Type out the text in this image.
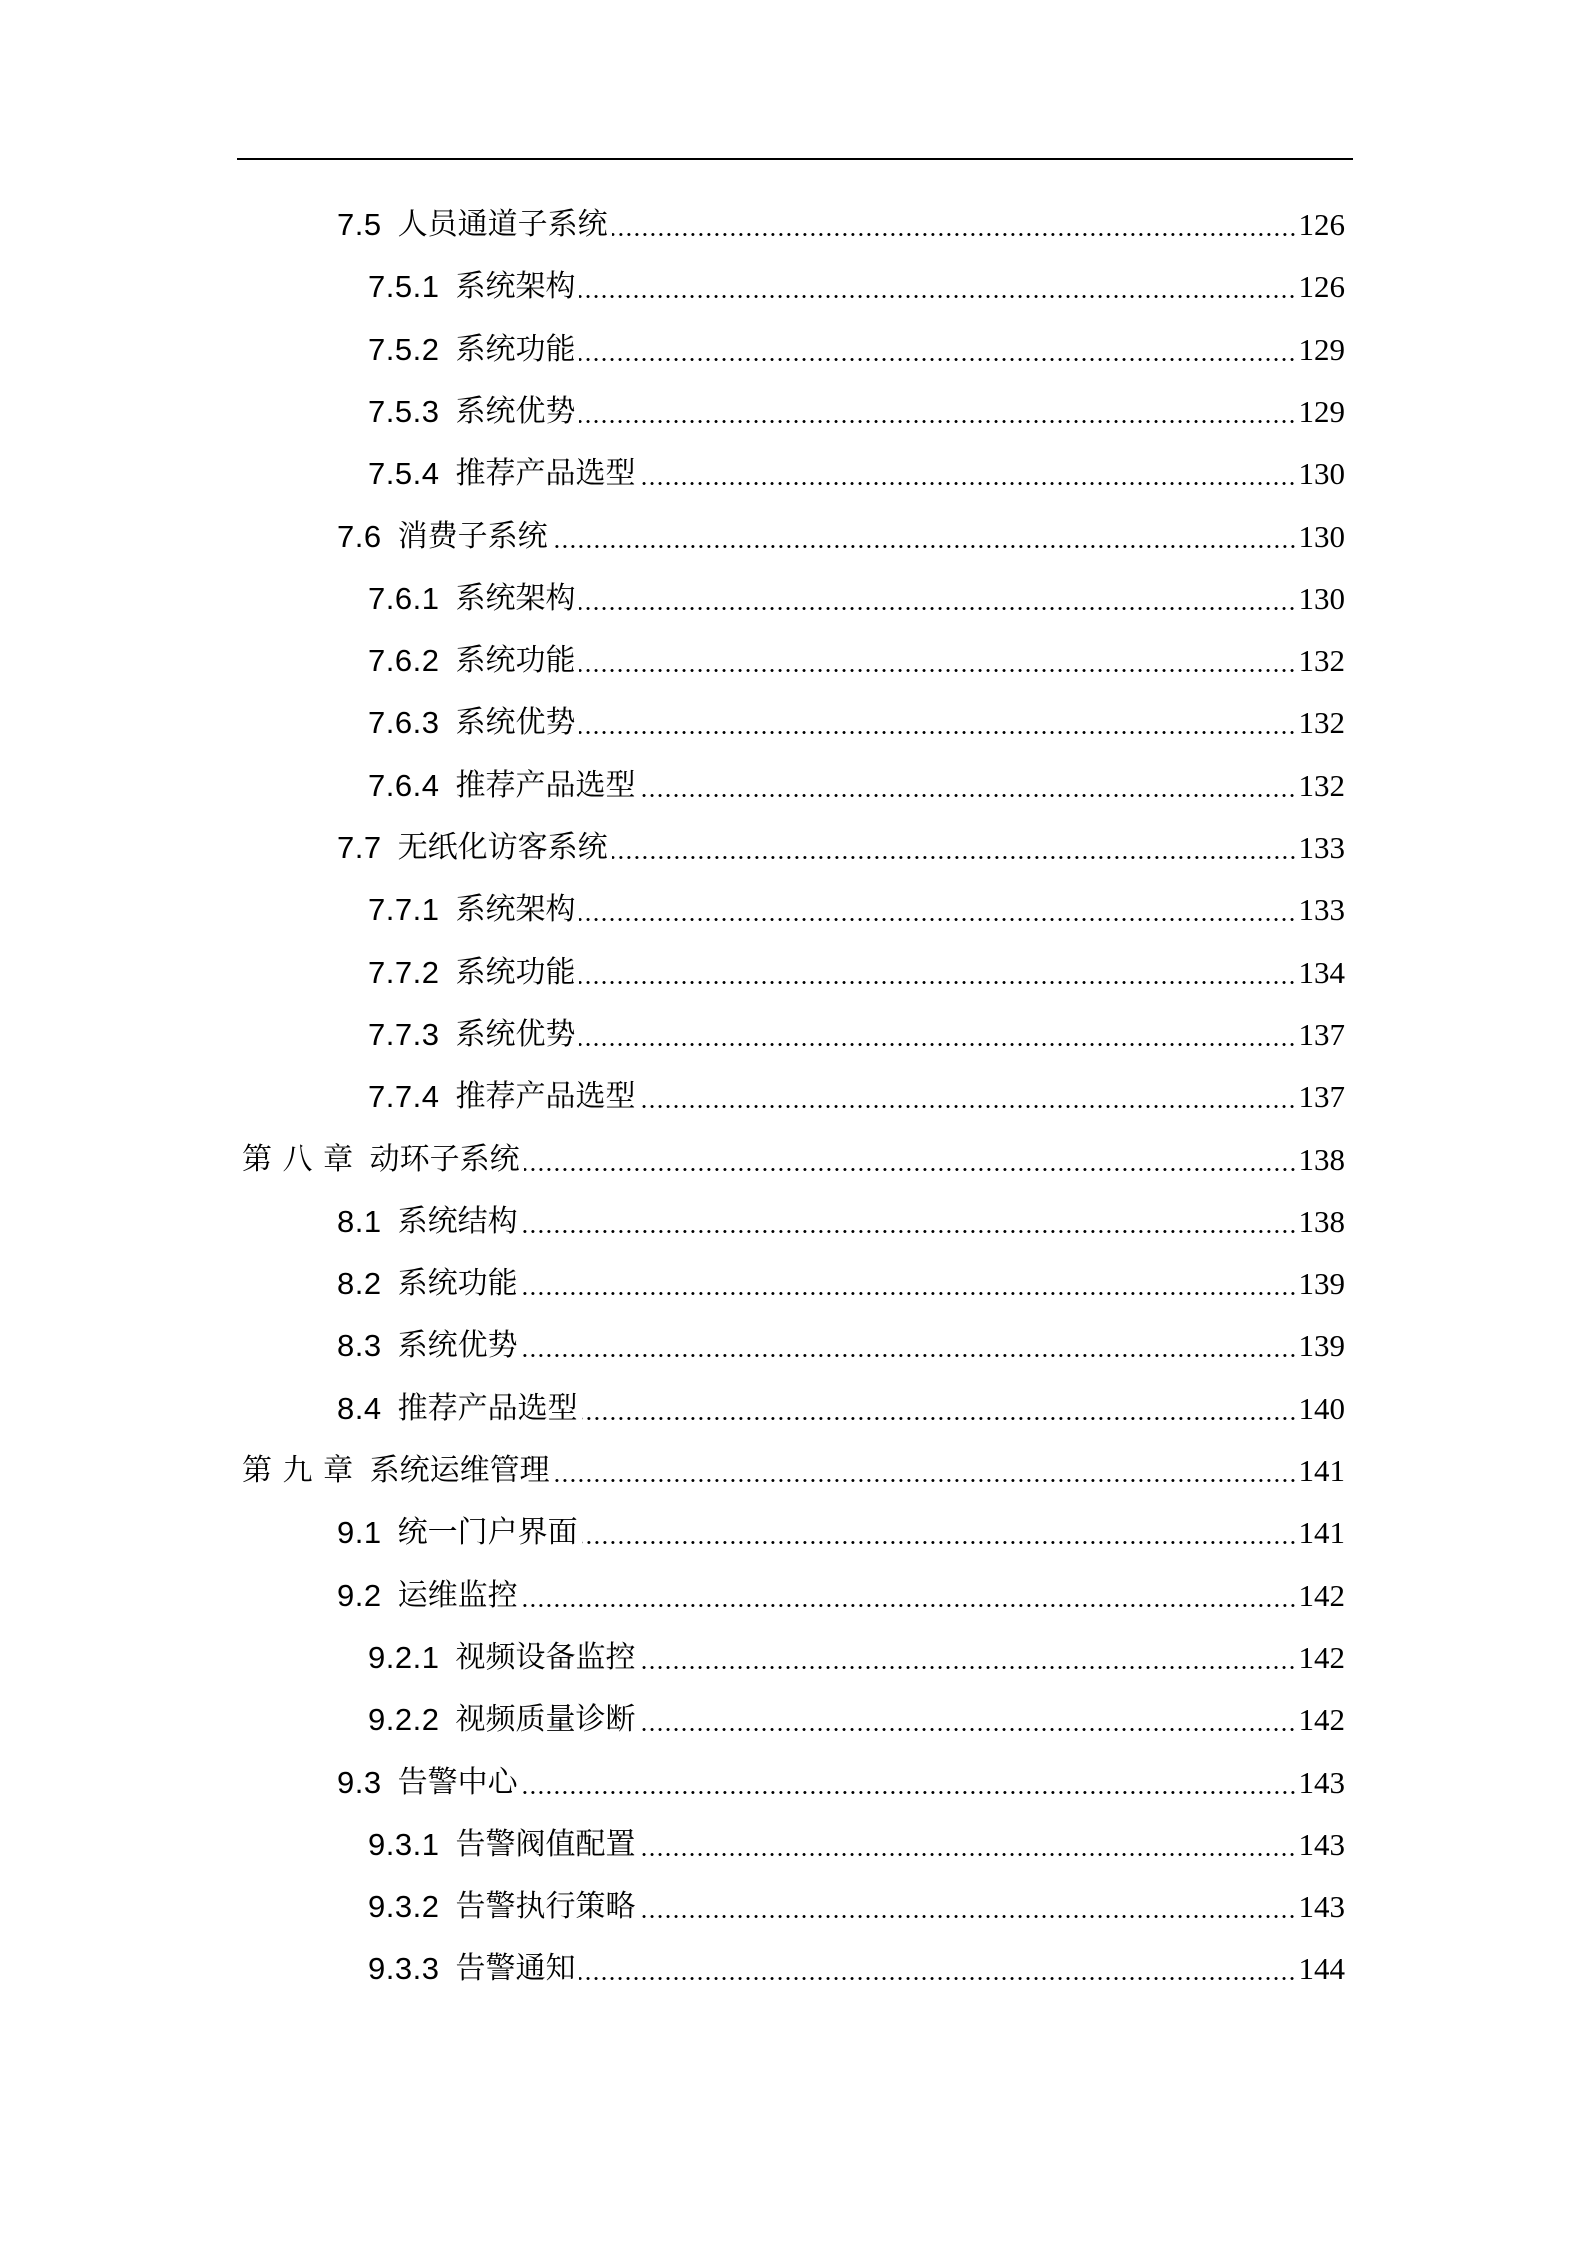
7.5 人员通道子系统	126
7.5.1 系统架构	126
7.5.2 系统功能	129
7.5.3 系统优势	129
7.5.4 推荐产品选型	130
7.6 消费子系统	130
7.6.1 系统架构	130
7.6.2 系统功能	132
7.6.3 系统优势	132
7.6.4 推荐产品选型	132
7.7 无纸化访客系统	133
7.7.1 系统架构	133
7.7.2 系统功能	134
7.7.3 系统优势	137
7.7.4 推荐产品选型	137
第 八 章 动环子系统	138
8.1 系统结构	138
8.2 系统功能	139
8.3 系统优势	139
8.4 推荐产品选型	140
第 九 章 系统运维管理	141
9.1 统一门户界面	141
9.2 运维监控	142
9.2.1 视频设备监控	142
9.2.2 视频质量诊断	142
9.3 告警中心	143
9.3.1 告警阀值配置	143
9.3.2 告警执行策略	143
9.3.3 告警通知	144
